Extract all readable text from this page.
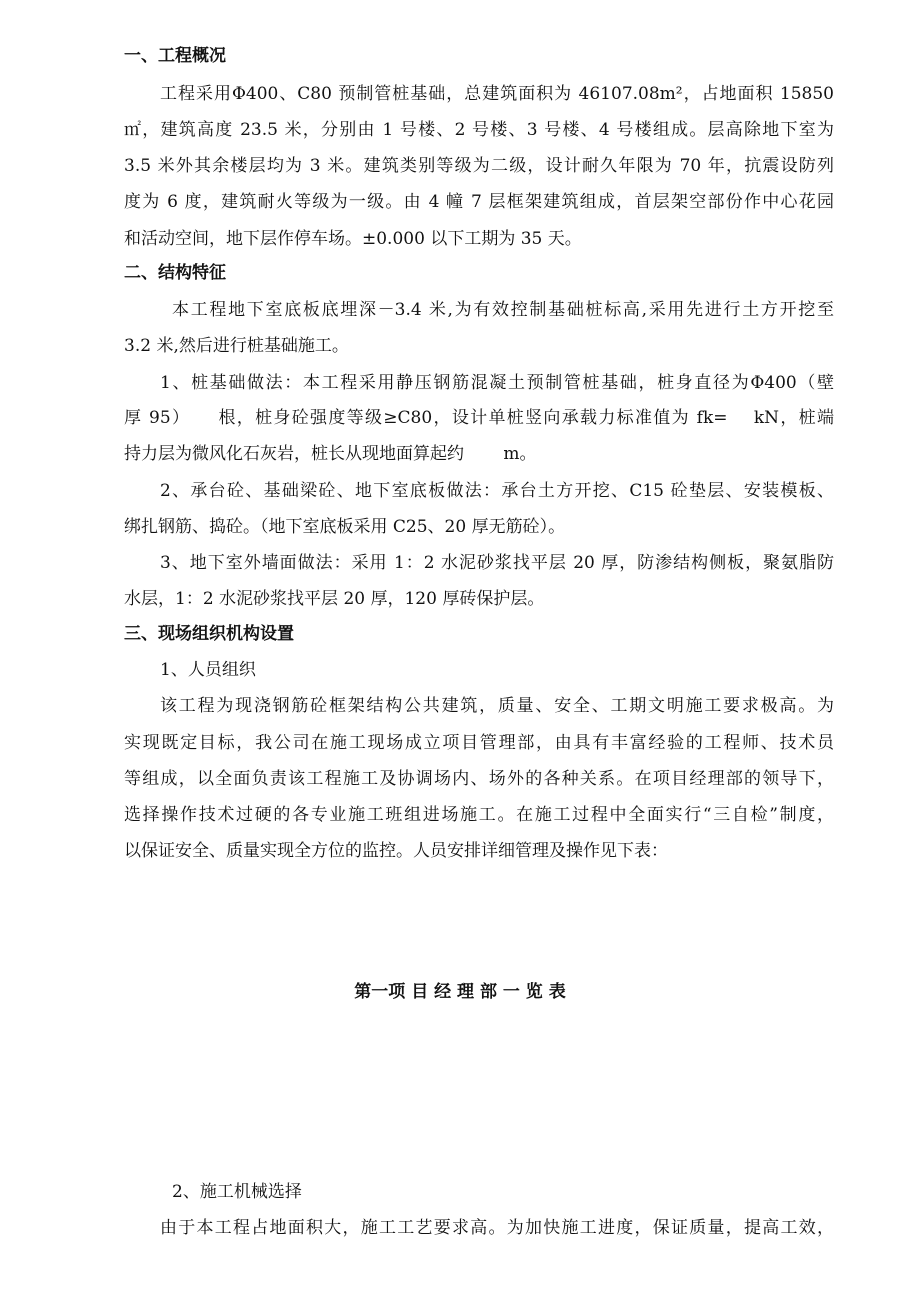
一、工程概况
工程采用Φ400、C80 预制管桩基础，总建筑面积为 46107.08m²，占地面积 15850
㎡，建筑高度 23.5 米，分别由 1 号楼、2 号楼、3 号楼、4 号楼组成。层高除地下室为
3.5 米外其余楼层均为 3 米。建筑类别等级为二级，设计耐久年限为 70 年，抗震设防列
度为 6 度，建筑耐火等级为一级。由 4 幢 7 层框架建筑组成，首层架空部份作中心花园
和活动空间，地下层作停车场。±0.000 以下工期为 35 天。
二、结构特征
本工程地下室底板底埋深－3.4 米,为有效控制基础桩标高,采用先进行土方开挖至
3.2 米,然后进行桩基础施工。
1、桩基础做法：本工程采用静压钢筋混凝土预制管桩基础，桩身直径为Φ400（壁
厚 95）　　根，桩身砼强度等级≥C80，设计单桩竖向承载力标准值为 fk=　 kN，桩端
持力层为微风化石灰岩，桩长从现地面算起约　　 m。
2、承台砼、基础梁砼、地下室底板做法：承台土方开挖、C15 砼垫层、安装模板、
绑扎钢筋、捣砼。（地下室底板采用 C25、20 厚无筋砼）。
3、地下室外墙面做法：采用 1：2 水泥砂浆找平层 20 厚，防渗结构侧板，聚氨脂防
水层，1：2 水泥砂浆找平层 20 厚，120 厚砖保护层。
三、现场组织机构设置
1、人员组织
该工程为现浇钢筋砼框架结构公共建筑，质量、安全、工期文明施工要求极高。为
实现既定目标，我公司在施工现场成立项目管理部，由具有丰富经验的工程师、技术员
等组成，以全面负责该工程施工及协调场内、场外的各种关系。在项目经理部的领导下，
选择操作技术过硬的各专业施工班组进场施工。在施工过程中全面实行“三自检”制度，
以保证安全、质量实现全方位的监控。人员安排详细管理及操作见下表：
第一项 目 经 理 部 一 览 表
2、施工机械选择
由于本工程占地面积大，施工工艺要求高。为加快施工进度，保证质量，提高工效，
